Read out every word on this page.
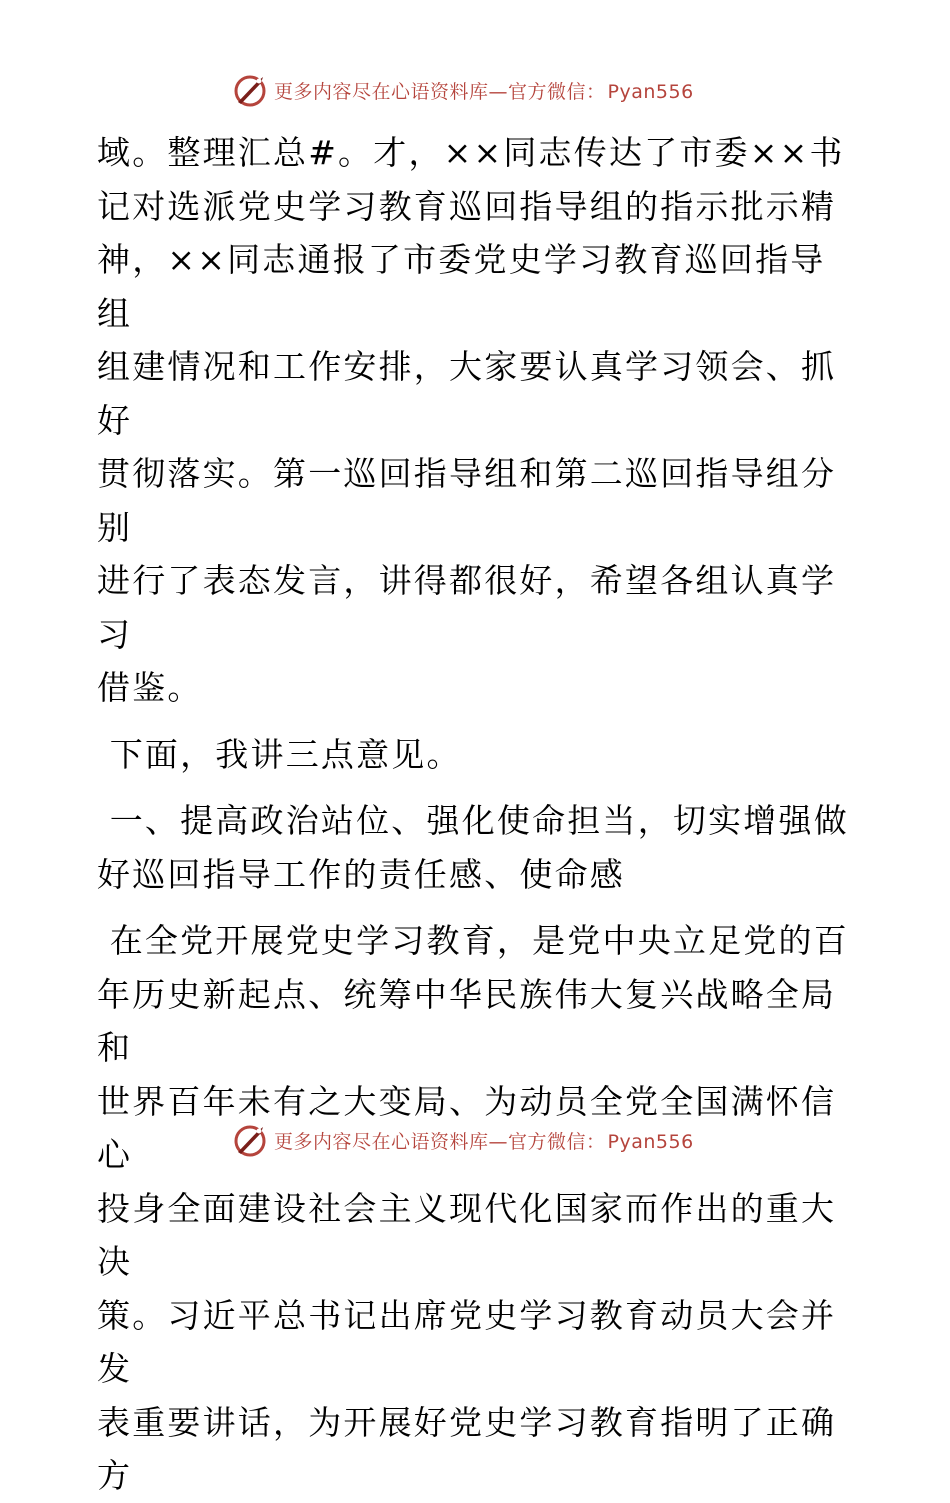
更多内容尽在心语资料库—官方微信： Pyan556

域。整理汇总#。才，××同志传达了市委××书
记对选派党史学习教育巡回指导组的指示批示精
神，××同志通报了市委党史学习教育巡回指导组
组建情况和工作安排，大家要认真学习领会、抓好
贯彻落实。第一巡回指导组和第二巡回指导组分别
进行了表态发言，讲得都很好，希望各组认真学习
借鉴。

下面，我讲三点意见。

一、提高政治站位、强化使命担当，切实增强做
好巡回指导工作的责任感、使命感

在全党开展党史学习教育，是党中央立足党的百
年历史新起点、统筹中华民族伟大复兴战略全局和
世界百年未有之大变局、为动员全党全国满怀信心
投身全面建设社会主义现代化国家而作出的重大决
策。习近平总书记出席党史学习教育动员大会并发
表重要讲话，为开展好党史学习教育指明了正确方

更多内容尽在心语资料库—官方微信： Pyan556
